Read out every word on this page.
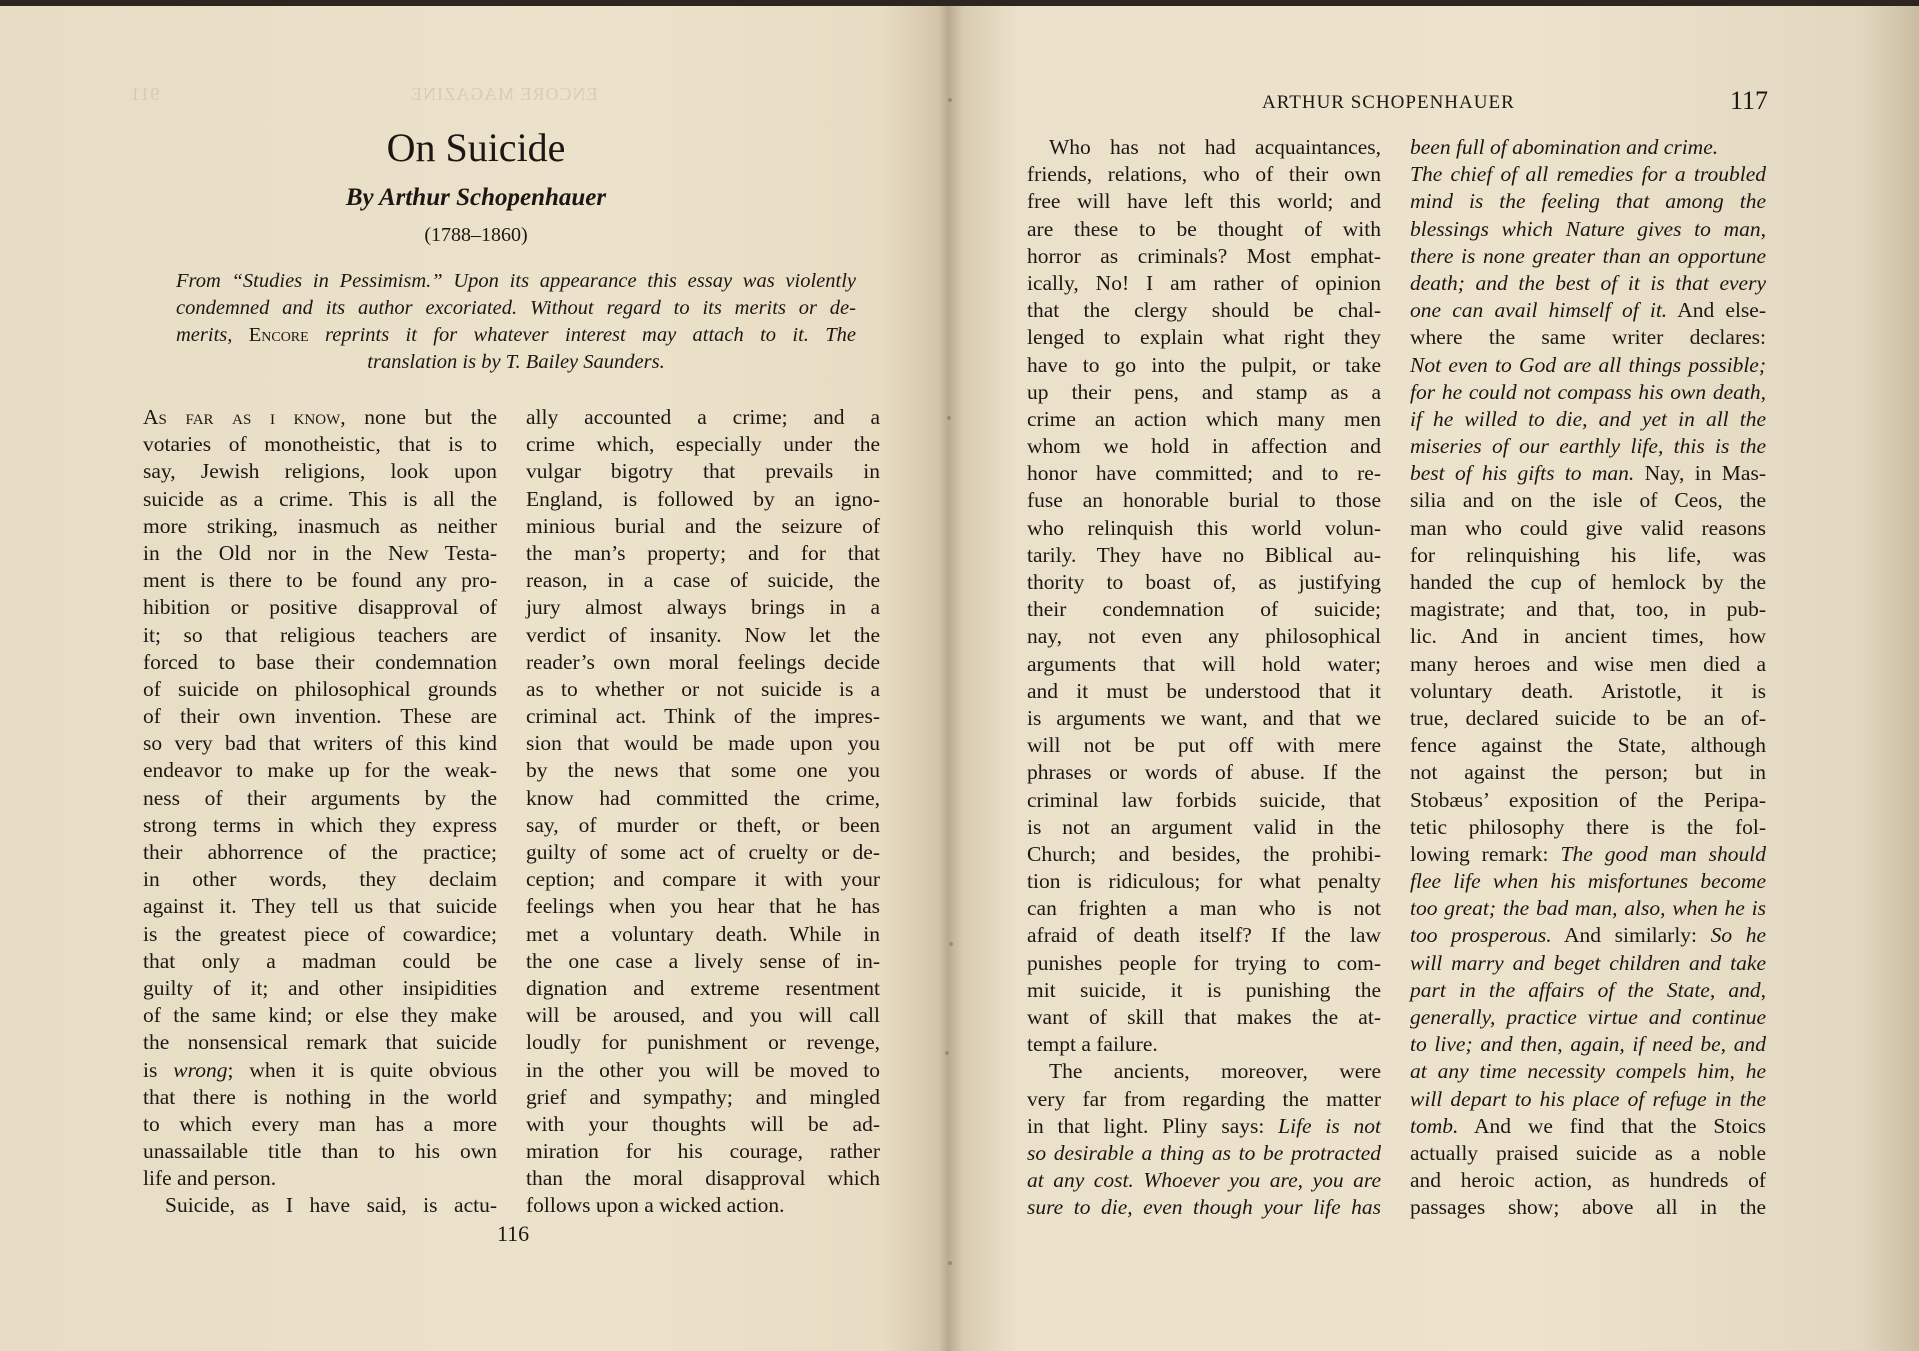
911	ENCORE MAGAZINE
On Suicide
By Arthur Schopenhauer
(1788–1860)
From “Studies in Pessimism.” Upon its appearance this essay was violently
condemned and its author excoriated. Without regard to its merits or de-
merits, Encore reprints it for whatever interest may attach to it. The
translation is by T. Bailey Saunders.
As far as i know, none but the
votaries of monotheistic, that is to
say, Jewish religions, look upon
suicide as a crime. This is all the
more striking, inasmuch as neither
in the Old nor in the New Testa-
ment is there to be found any pro-
hibition or positive disapproval of
it; so that religious teachers are
forced to base their condemnation
of suicide on philosophical grounds
of their own invention. These are
so very bad that writers of this kind
endeavor to make up for the weak-
ness of their arguments by the
strong terms in which they express
their abhorrence of the practice;
in other words, they declaim
against it. They tell us that suicide
is the greatest piece of cowardice;
that only a madman could be
guilty of it; and other insipidities
of the same kind; or else they make
the nonsensical remark that suicide
is wrong; when it is quite obvious
that there is nothing in the world
to which every man has a more
unassailable title than to his own
life and person.
Suicide, as I have said, is actu-
ally accounted a crime; and a
crime which, especially under the
vulgar bigotry that prevails in
England, is followed by an igno-
minious burial and the seizure of
the man’s property; and for that
reason, in a case of suicide, the
jury almost always brings in a
verdict of insanity. Now let the
reader’s own moral feelings decide
as to whether or not suicide is a
criminal act. Think of the impres-
sion that would be made upon you
by the news that some one you
know had committed the crime,
say, of murder or theft, or been
guilty of some act of cruelty or de-
ception; and compare it with your
feelings when you hear that he has
met a voluntary death. While in
the one case a lively sense of in-
dignation and extreme resentment
will be aroused, and you will call
loudly for punishment or revenge,
in the other you will be moved to
grief and sympathy; and mingled
with your thoughts will be ad-
miration for his courage, rather
than the moral disapproval which
follows upon a wicked action.
116
ARTHUR SCHOPENHAUER	117
Who has not had acquaintances,
friends, relations, who of their own
free will have left this world; and
are these to be thought of with
horror as criminals? Most emphat-
ically, No! I am rather of opinion
that the clergy should be chal-
lenged to explain what right they
have to go into the pulpit, or take
up their pens, and stamp as a
crime an action which many men
whom we hold in affection and
honor have committed; and to re-
fuse an honorable burial to those
who relinquish this world volun-
tarily. They have no Biblical au-
thority to boast of, as justifying
their condemnation of suicide;
nay, not even any philosophical
arguments that will hold water;
and it must be understood that it
is arguments we want, and that we
will not be put off with mere
phrases or words of abuse. If the
criminal law forbids suicide, that
is not an argument valid in the
Church; and besides, the prohibi-
tion is ridiculous; for what penalty
can frighten a man who is not
afraid of death itself? If the law
punishes people for trying to com-
mit suicide, it is punishing the
want of skill that makes the at-
tempt a failure.
The ancients, moreover, were
very far from regarding the matter
in that light. Pliny says: Life is not
so desirable a thing as to be protracted
at any cost. Whoever you are, you are
sure to die, even though your life has
been full of abomination and crime.
The chief of all remedies for a troubled
mind is the feeling that among the
blessings which Nature gives to man,
there is none greater than an opportune
death; and the best of it is that every
one can avail himself of it. And else-
where the same writer declares:
Not even to God are all things possible;
for he could not compass his own death,
if he willed to die, and yet in all the
miseries of our earthly life, this is the
best of his gifts to man. Nay, in Mas-
silia and on the isle of Ceos, the
man who could give valid reasons
for relinquishing his life, was
handed the cup of hemlock by the
magistrate; and that, too, in pub-
lic. And in ancient times, how
many heroes and wise men died a
voluntary death. Aristotle, it is
true, declared suicide to be an of-
fence against the State, although
not against the person; but in
Stobæus’ exposition of the Peripa-
tetic philosophy there is the fol-
lowing remark: The good man should
flee life when his misfortunes become
too great; the bad man, also, when he is
too prosperous. And similarly: So he
will marry and beget children and take
part in the affairs of the State, and,
generally, practice virtue and continue
to live; and then, again, if need be, and
at any time necessity compels him, he
will depart to his place of refuge in the
tomb. And we find that the Stoics
actually praised suicide as a noble
and heroic action, as hundreds of
passages show; above all in the
